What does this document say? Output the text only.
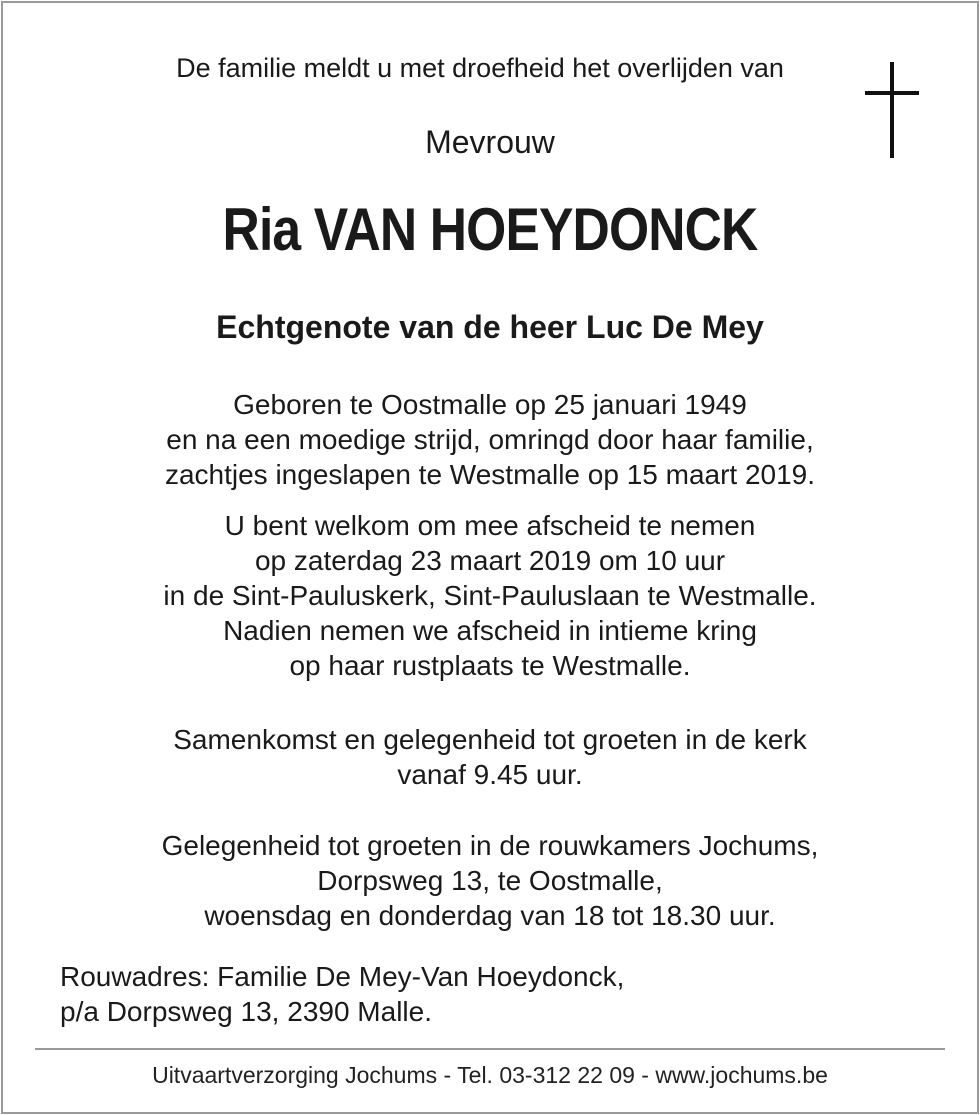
De familie meldt u met droefheid het overlijden van
Mevrouw
Ria VAN HOEYDONCK
Echtgenote van de heer Luc De Mey
Geboren te Oostmalle op 25 januari 1949
en na een moedige strijd, omringd door haar familie,
zachtjes ingeslapen te Westmalle op 15 maart 2019.
U bent welkom om mee afscheid te nemen
op zaterdag 23 maart 2019 om 10 uur
in de Sint-Pauluskerk, Sint-Pauluslaan te Westmalle.
Nadien nemen we afscheid in intieme kring
op haar rustplaats te Westmalle.
Samenkomst en gelegenheid tot groeten in de kerk
vanaf 9.45 uur.
Gelegenheid tot groeten in de rouwkamers Jochums,
Dorpsweg 13, te Oostmalle,
woensdag en donderdag van 18 tot 18.30 uur.
Rouwadres: Familie De Mey-Van Hoeydonck,
p/a Dorpsweg 13, 2390 Malle.
Uitvaartverzorging Jochums - Tel. 03-312 22 09 - www.jochums.be
